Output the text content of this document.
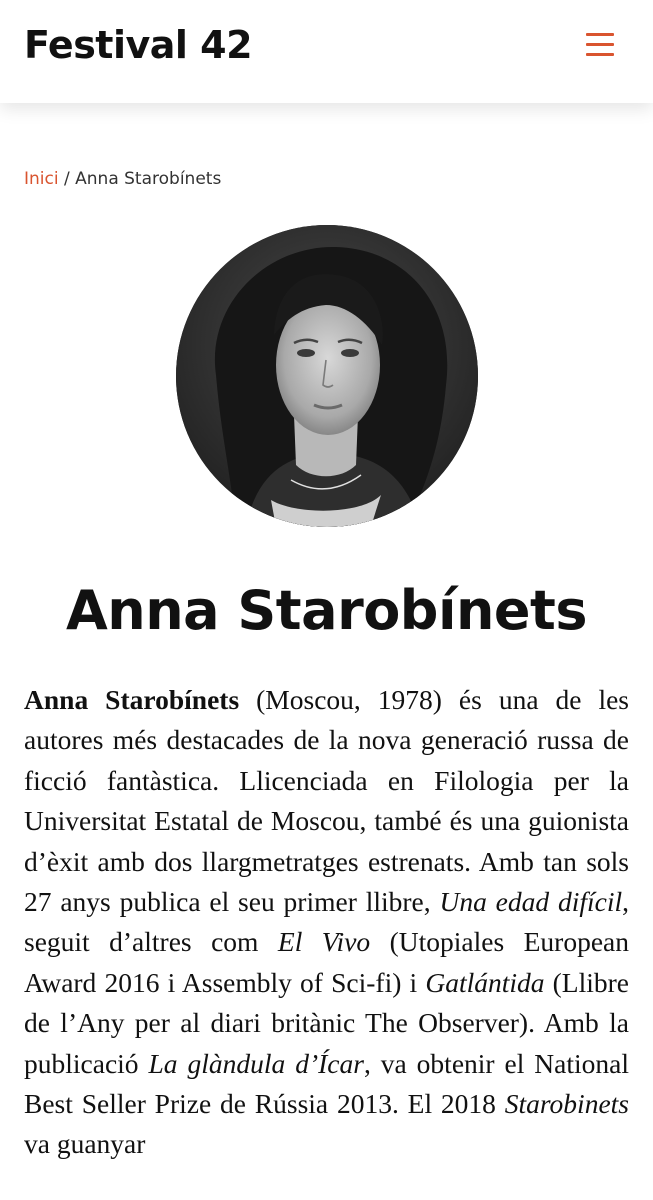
Festival 42
Inici / Anna Starobínets
Anna Starobínets

Anna Starobínets (Moscou, 1978) és una de les autores més destacades de la nova generació russa de ficció fantàstica. Llicenciada en Filologia per la Universitat Estatal de Moscou, també és una guionista d’èxit amb dos llargmetratges estrenats. Amb tan sols 27 anys publica el seu primer llibre, Una edad difícil, seguit d’altres com El Vivo (Utopiales European Award 2016 i Assembly of Sci-fi) i Gatlántida (Llibre de l’Any per al diari britànic The Observer). Amb la publicació La glàndula d’Ícar, va obtenir el National Best Seller Prize de Rússia 2013. El 2018 Starobinets va guanyar
